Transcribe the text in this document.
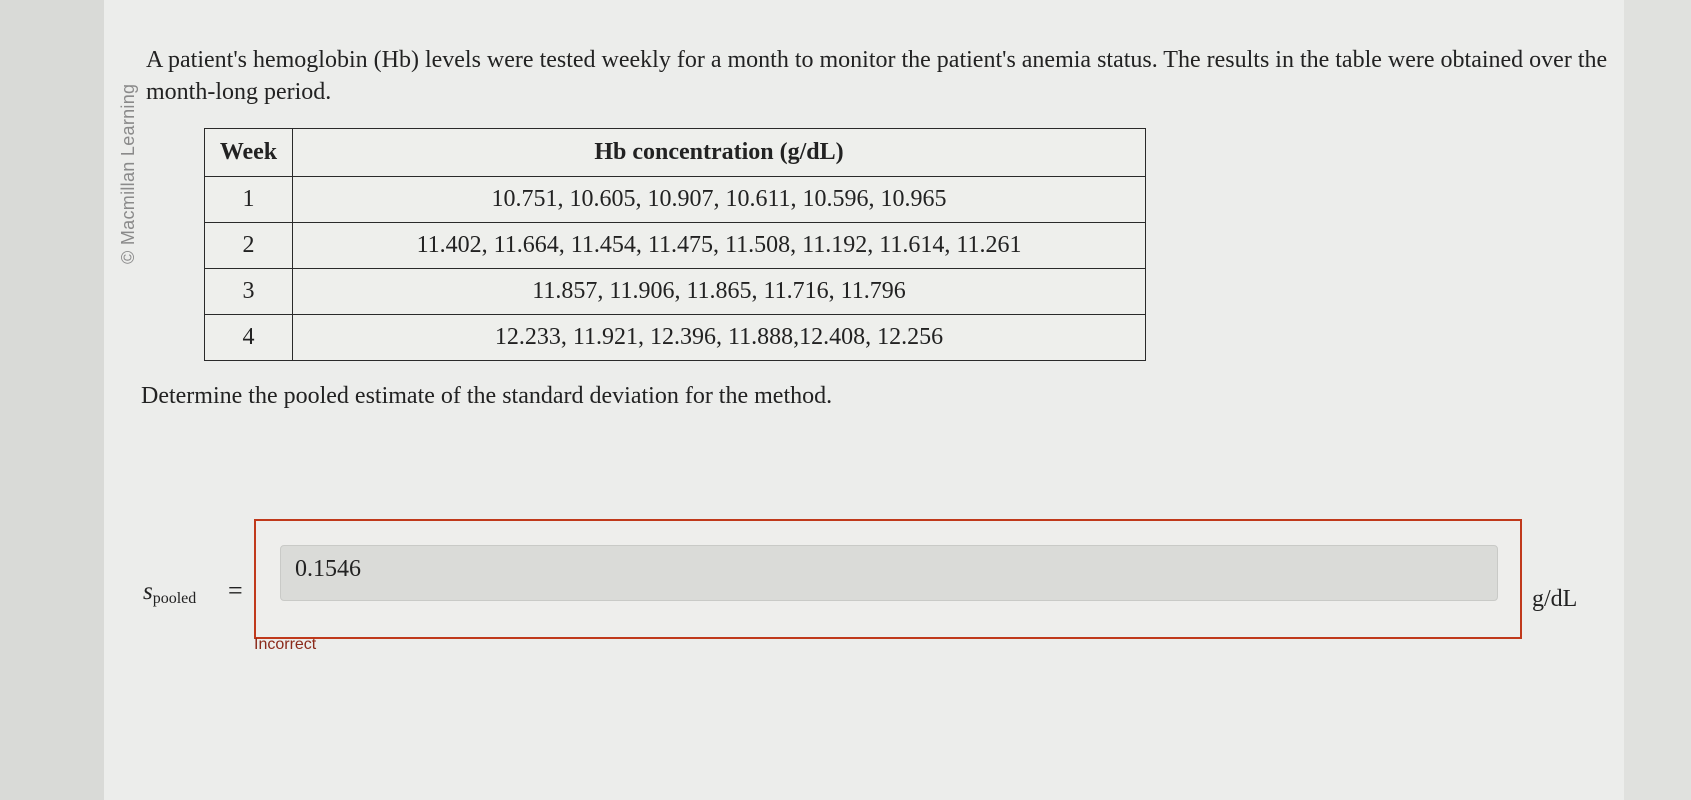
© Macmillan Learning
A patient's hemoglobin (Hb) levels were tested weekly for a month to monitor the patient's anemia status. The results in the table were obtained over the month-long period.
Week	Hb concentration (g/dL)
1	10.751, 10.605, 10.907, 10.611, 10.596, 10.965
2	11.402, 11.664, 11.454, 11.475, 11.508, 11.192, 11.614, 11.261
3	11.857, 11.906, 11.865, 11.716, 11.796
4	12.233, 11.921, 12.396, 11.888,12.408, 12.256
Determine the pooled estimate of the standard deviation for the method.
$s_{pooled}$ =
0.1546
g/dL
Incorrect
